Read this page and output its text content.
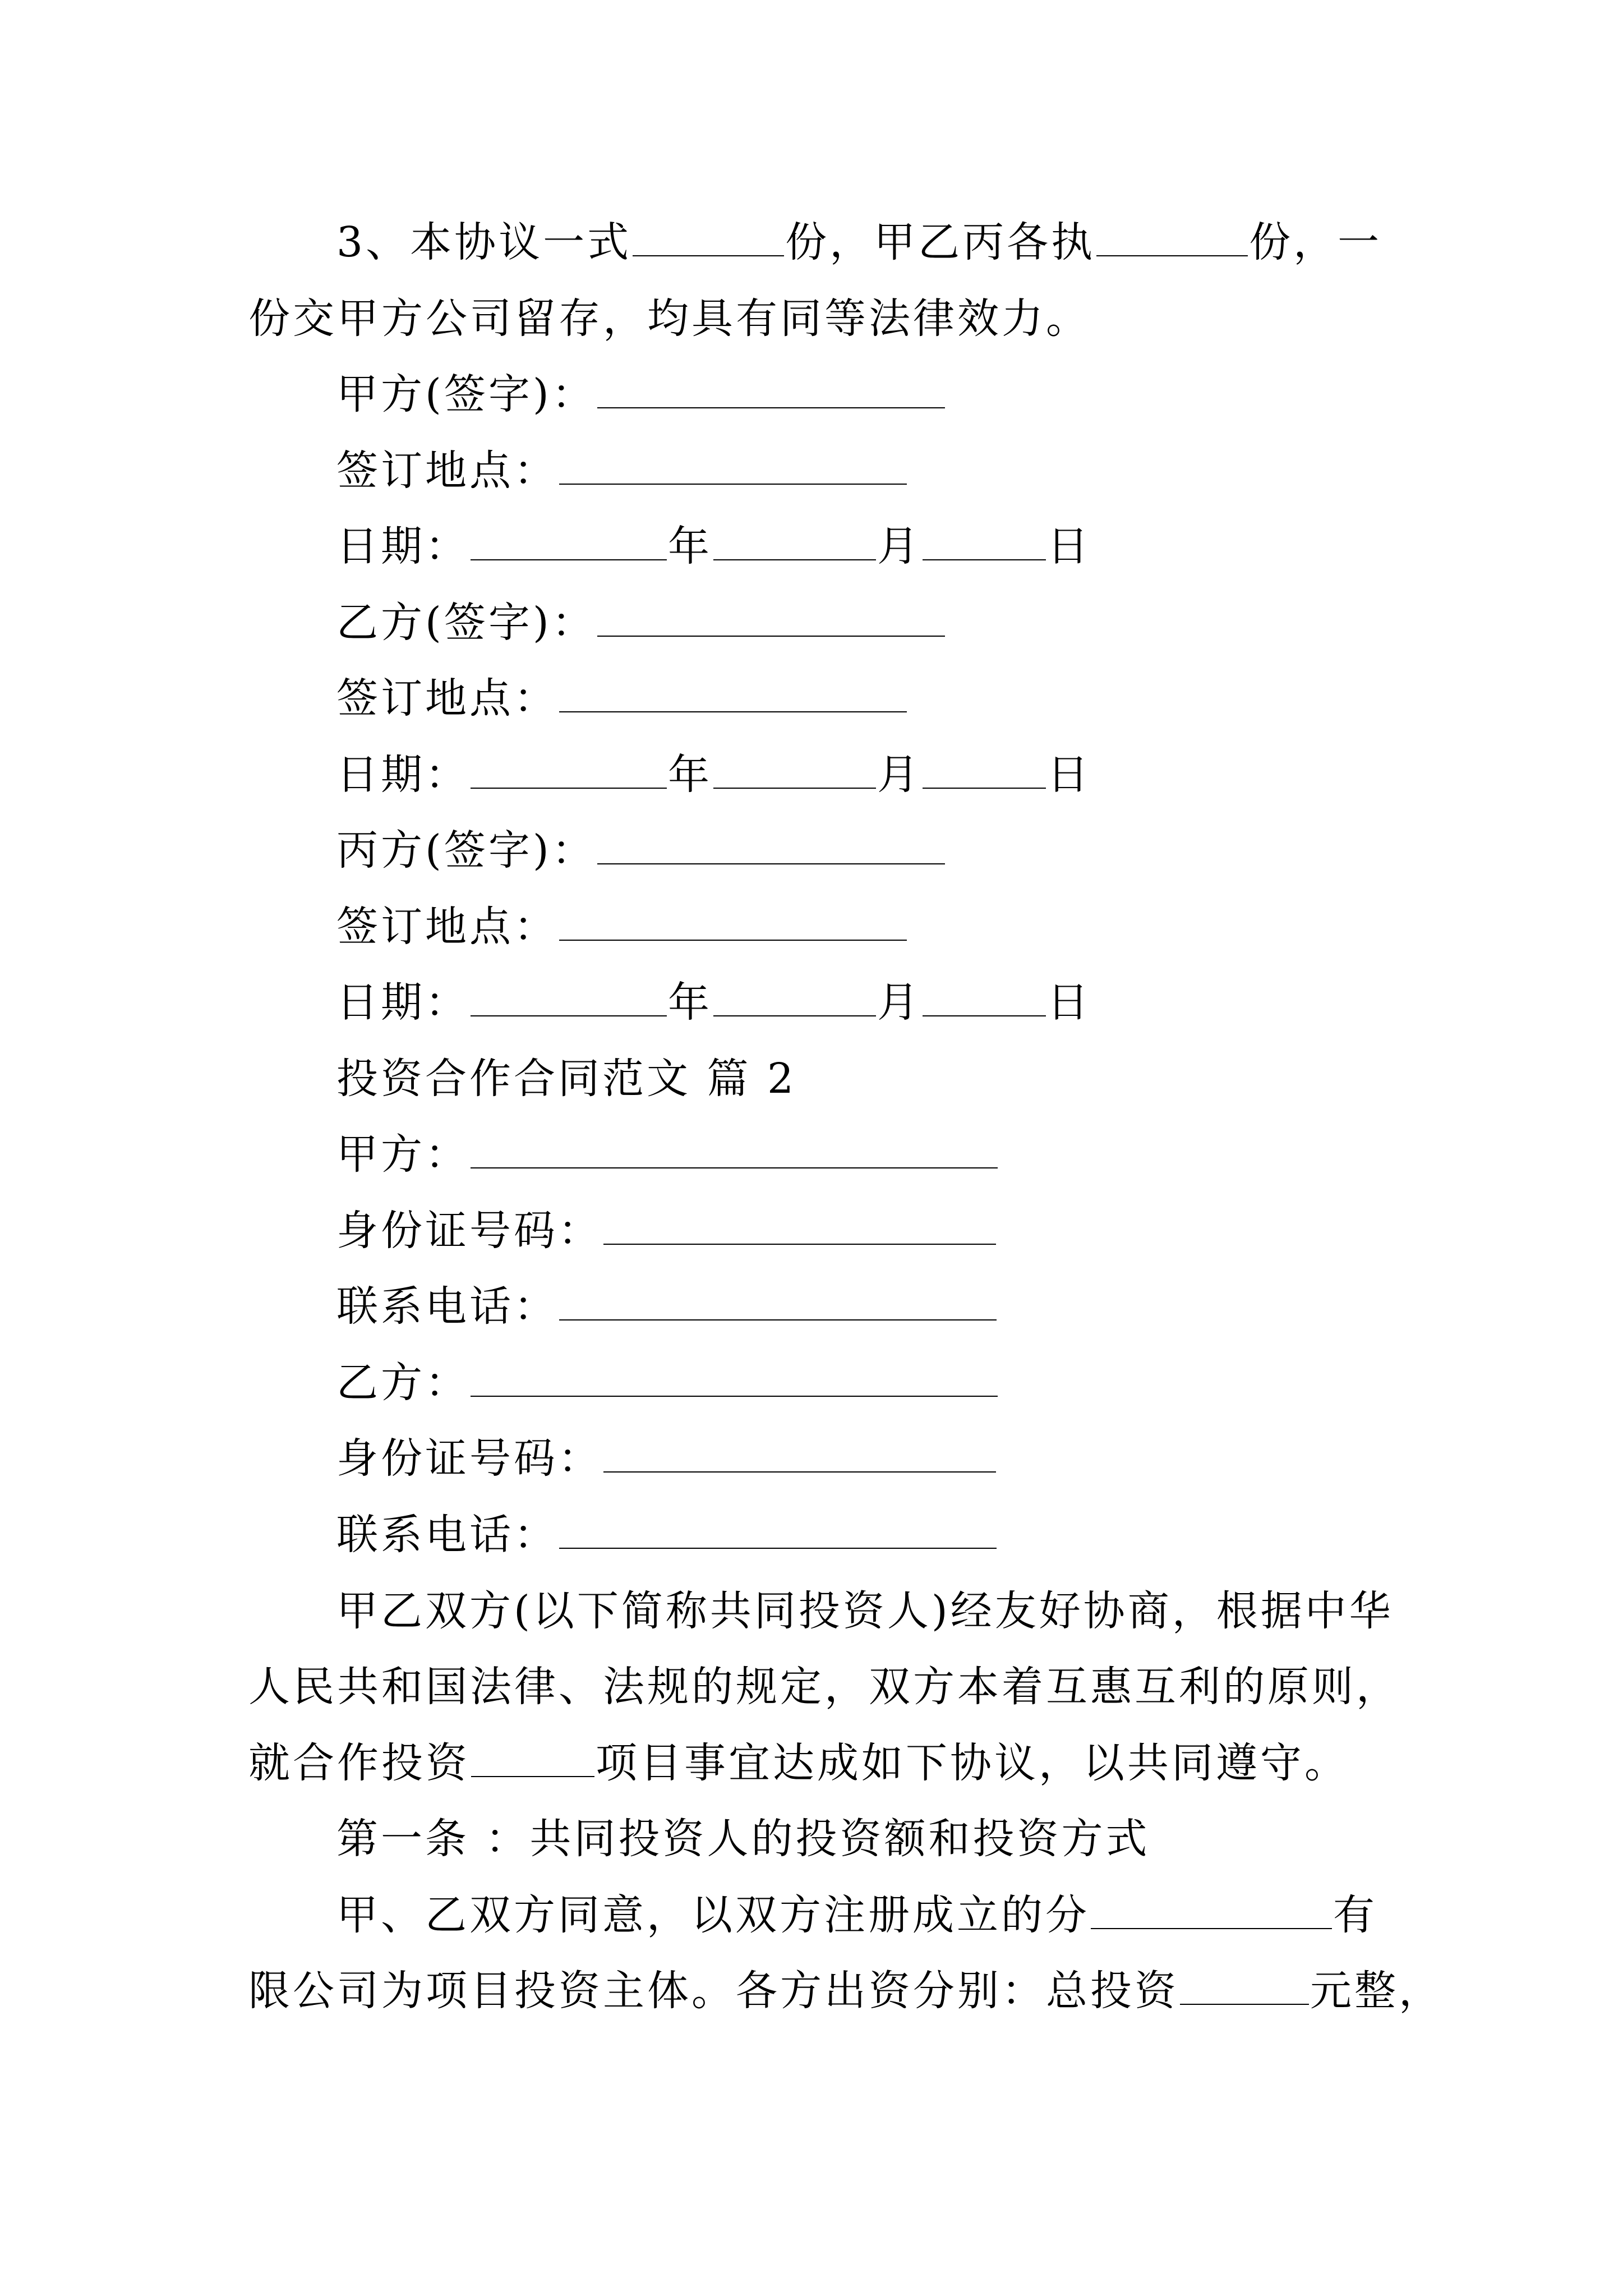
3、本协议一式	份，甲乙丙各执	份，一
份交甲方公司留存，均具有同等法律效力。
甲方(签字)：
签订地点：
日期：	年	月	日
乙方(签字)：
签订地点：
日期：	年	月	日
丙方(签字)：
签订地点：
日期：	年	月	日
投资合作合同范文 篇 2
甲方：
身份证号码：
联系电话：
乙方：
身份证号码：
联系电话：
甲乙双方(以下简称共同投资人)经友好协商，根据中华
人民共和国法律、法规的规定，双方本着互惠互利的原则，
就合作投资	项目事宜达成如下协议，以共同遵守。
第一条 ：共同投资人的投资额和投资方式
甲、乙双方同意，以双方注册成立的分	有
限公司为项目投资主体。各方出资分别：总投资	元整，
